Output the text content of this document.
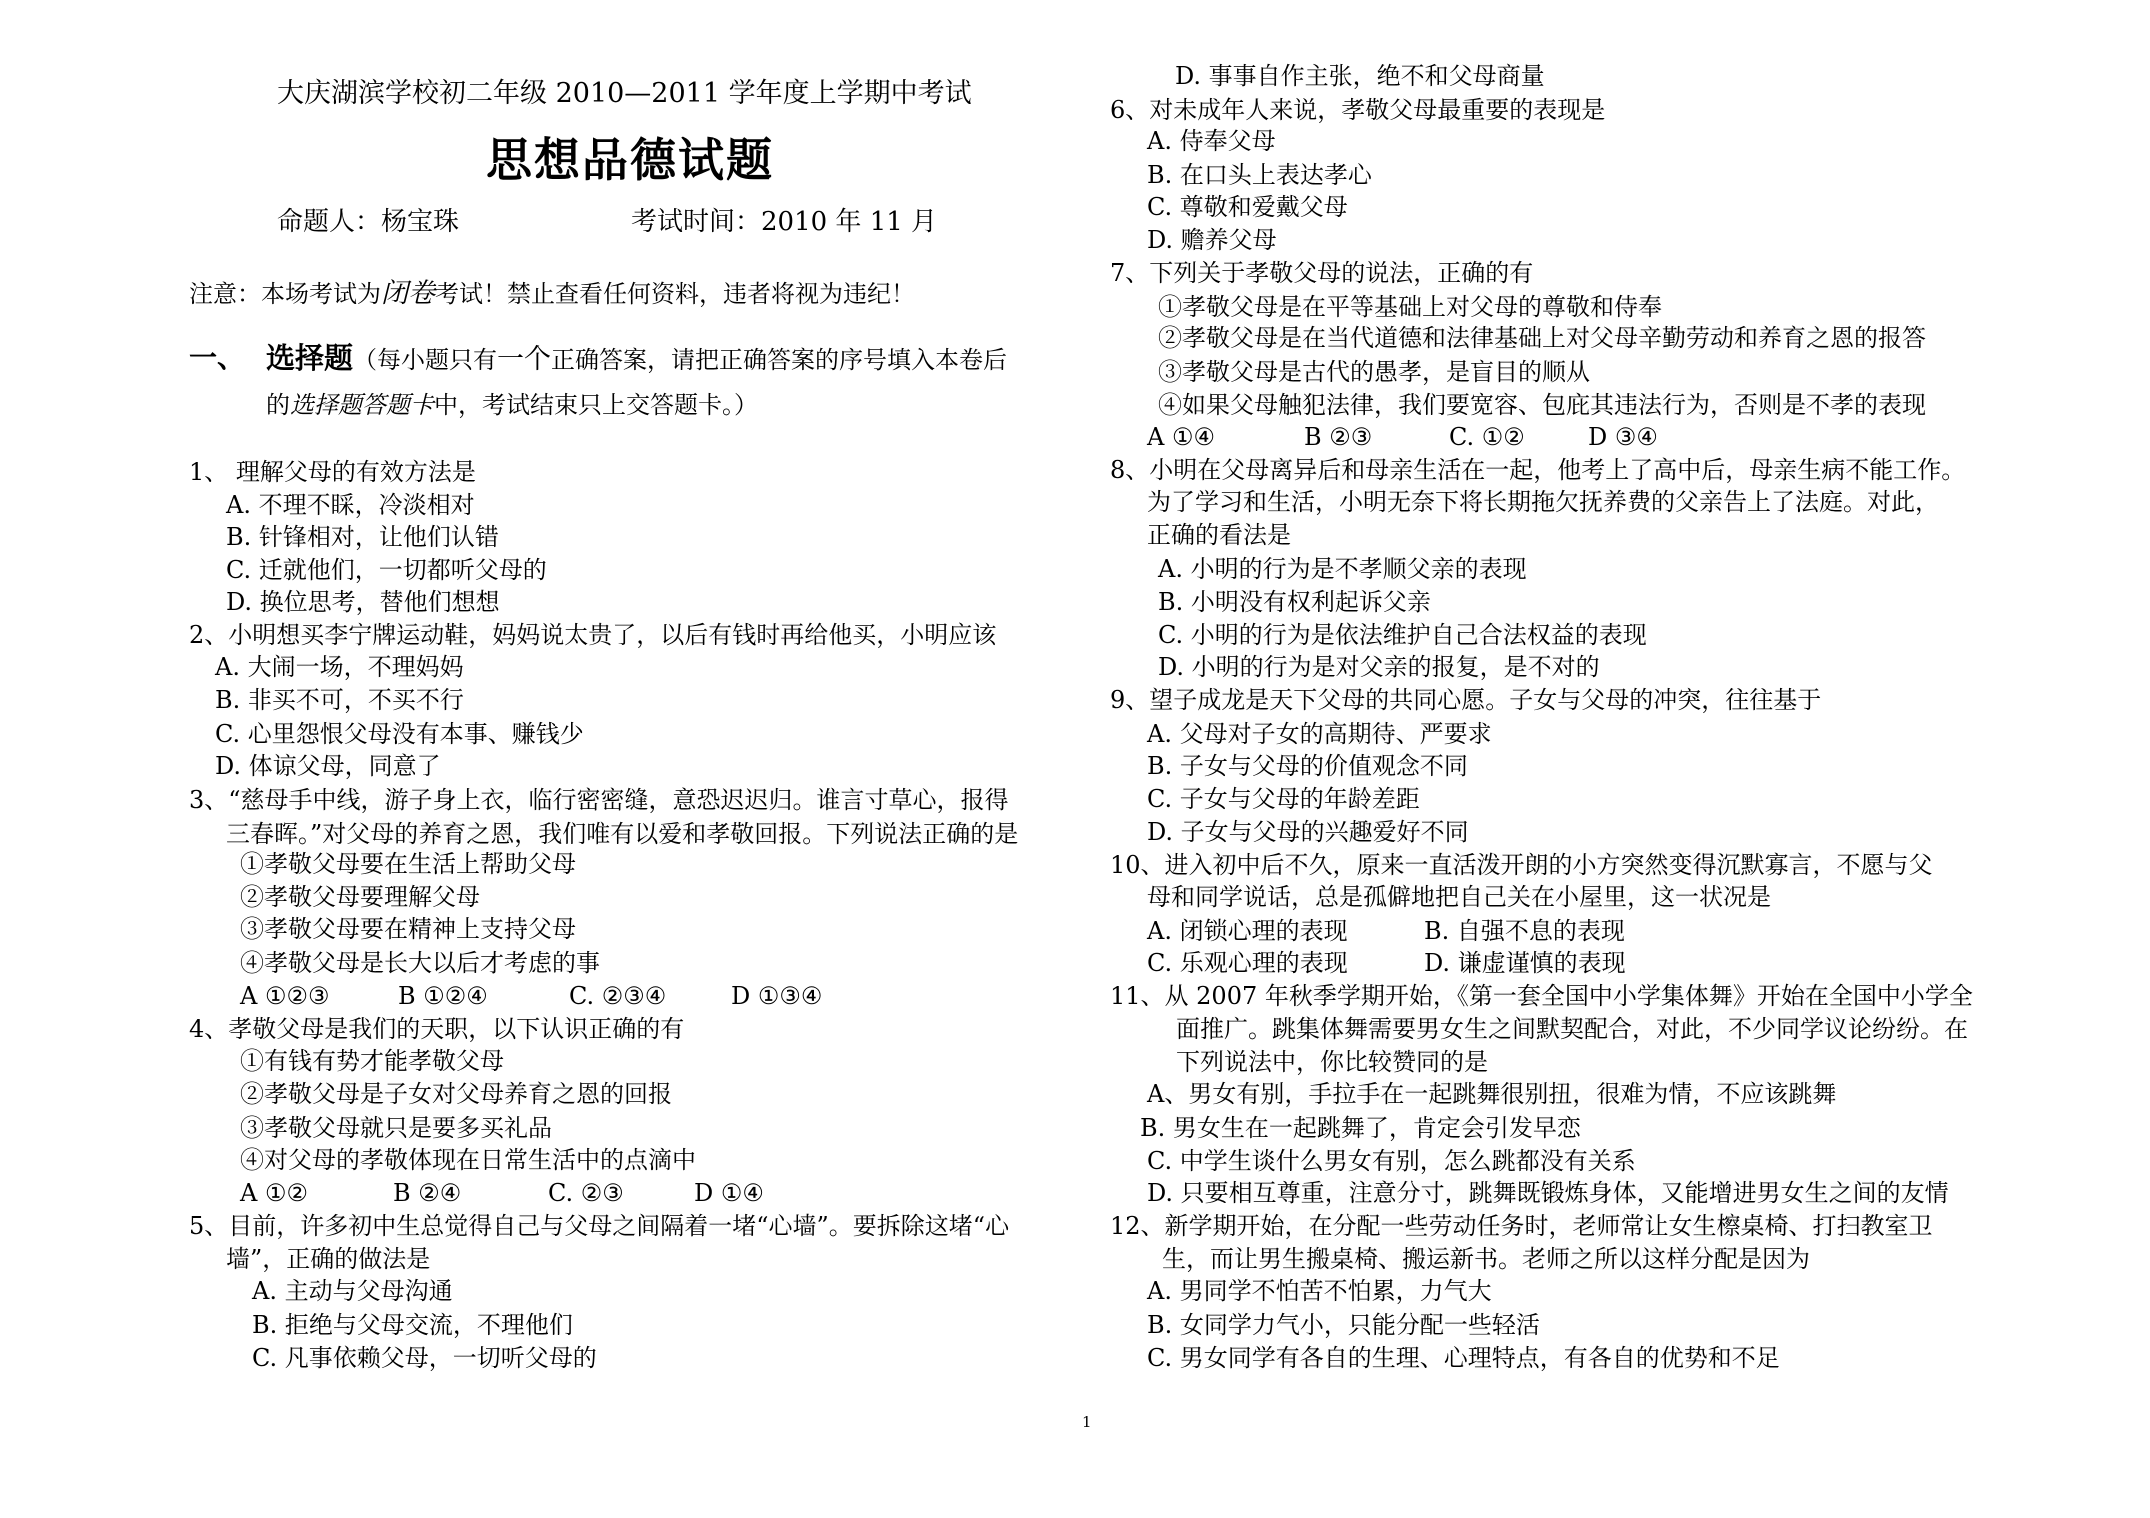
大庆湖滨学校初二年级 2010—2011 学年度上学期中考试
思想品德试题
命题人：杨宝珠	考试时间：2010 年 11 月
注意：本场考试为闭卷考试！禁止查看任何资料，违者将视为违纪！
一、 选择题（每小题只有一个正确答案，请把正确答案的序号填入本卷后
的选择题答题卡中，考试结束只上交答题卡。）
1、 理解父母的有效方法是
A. 不理不睬，冷淡相对
B. 针锋相对，让他们认错
C. 迁就他们，一切都听父母的
D. 换位思考，替他们想想
2、小明想买李宁牌运动鞋，妈妈说太贵了，以后有钱时再给他买，小明应该
A. 大闹一场，不理妈妈
B. 非买不可，不买不行
C. 心里怨恨父母没有本事、赚钱少
D. 体谅父母，同意了
3、“慈母手中线，游子身上衣，临行密密缝，意恐迟迟归。谁言寸草心，报得
三春晖。”对父母的养育之恩，我们唯有以爱和孝敬回报。下列说法正确的是
①孝敬父母要在生活上帮助父母
②孝敬父母要理解父母
③孝敬父母要在精神上支持父母
④孝敬父母是长大以后才考虑的事
A ①②③	B ①②④	C. ②③④	D ①③④
4、孝敬父母是我们的天职，以下认识正确的有
①有钱有势才能孝敬父母
②孝敬父母是子女对父母养育之恩的回报
③孝敬父母就只是要多买礼品
④对父母的孝敬体现在日常生活中的点滴中
A ①②	B ②④	C. ②③	D ①④
5、目前，许多初中生总觉得自己与父母之间隔着一堵“心墙”。要拆除这堵“心
墙”，正确的做法是
A. 主动与父母沟通
B. 拒绝与父母交流，不理他们
C. 凡事依赖父母，一切听父母的
D. 事事自作主张，绝不和父母商量
6、对未成年人来说，孝敬父母最重要的表现是
A. 侍奉父母
B. 在口头上表达孝心
C. 尊敬和爱戴父母
D. 赡养父母
7、下列关于孝敬父母的说法，正确的有
①孝敬父母是在平等基础上对父母的尊敬和侍奉
②孝敬父母是在当代道德和法律基础上对父母辛勤劳动和养育之恩的报答
③孝敬父母是古代的愚孝，是盲目的顺从
④如果父母触犯法律，我们要宽容、包庇其违法行为，否则是不孝的表现
A ①④	B ②③	C. ①②	D ③④
8、小明在父母离异后和母亲生活在一起，他考上了高中后，母亲生病不能工作。
为了学习和生活，小明无奈下将长期拖欠抚养费的父亲告上了法庭。对此，
正确的看法是
A. 小明的行为是不孝顺父亲的表现
B. 小明没有权利起诉父亲
C. 小明的行为是依法维护自己合法权益的表现
D. 小明的行为是对父亲的报复，是不对的
9、望子成龙是天下父母的共同心愿。子女与父母的冲突，往往基于
A. 父母对子女的高期待、严要求
B. 子女与父母的价值观念不同
C. 子女与父母的年龄差距
D. 子女与父母的兴趣爱好不同
10、进入初中后不久，原来一直活泼开朗的小方突然变得沉默寡言，不愿与父
母和同学说话，总是孤僻地把自己关在小屋里，这一状况是
A. 闭锁心理的表现	B. 自强不息的表现
C. 乐观心理的表现	D. 谦虚谨慎的表现
11、从 2007 年秋季学期开始，《第一套全国中小学集体舞》开始在全国中小学全
面推广。跳集体舞需要男女生之间默契配合，对此，不少同学议论纷纷。在
下列说法中，你比较赞同的是
A、男女有别，手拉手在一起跳舞很别扭，很难为情，不应该跳舞
B. 男女生在一起跳舞了，肯定会引发早恋
C. 中学生谈什么男女有别，怎么跳都没有关系
D. 只要相互尊重，注意分寸，跳舞既锻炼身体，又能增进男女生之间的友情
12、新学期开始，在分配一些劳动任务时，老师常让女生檫桌椅、打扫教室卫
生，而让男生搬桌椅、搬运新书。老师之所以这样分配是因为
A. 男同学不怕苦不怕累，力气大
B. 女同学力气小，只能分配一些轻活
C. 男女同学有各自的生理、心理特点，有各自的优势和不足
1
